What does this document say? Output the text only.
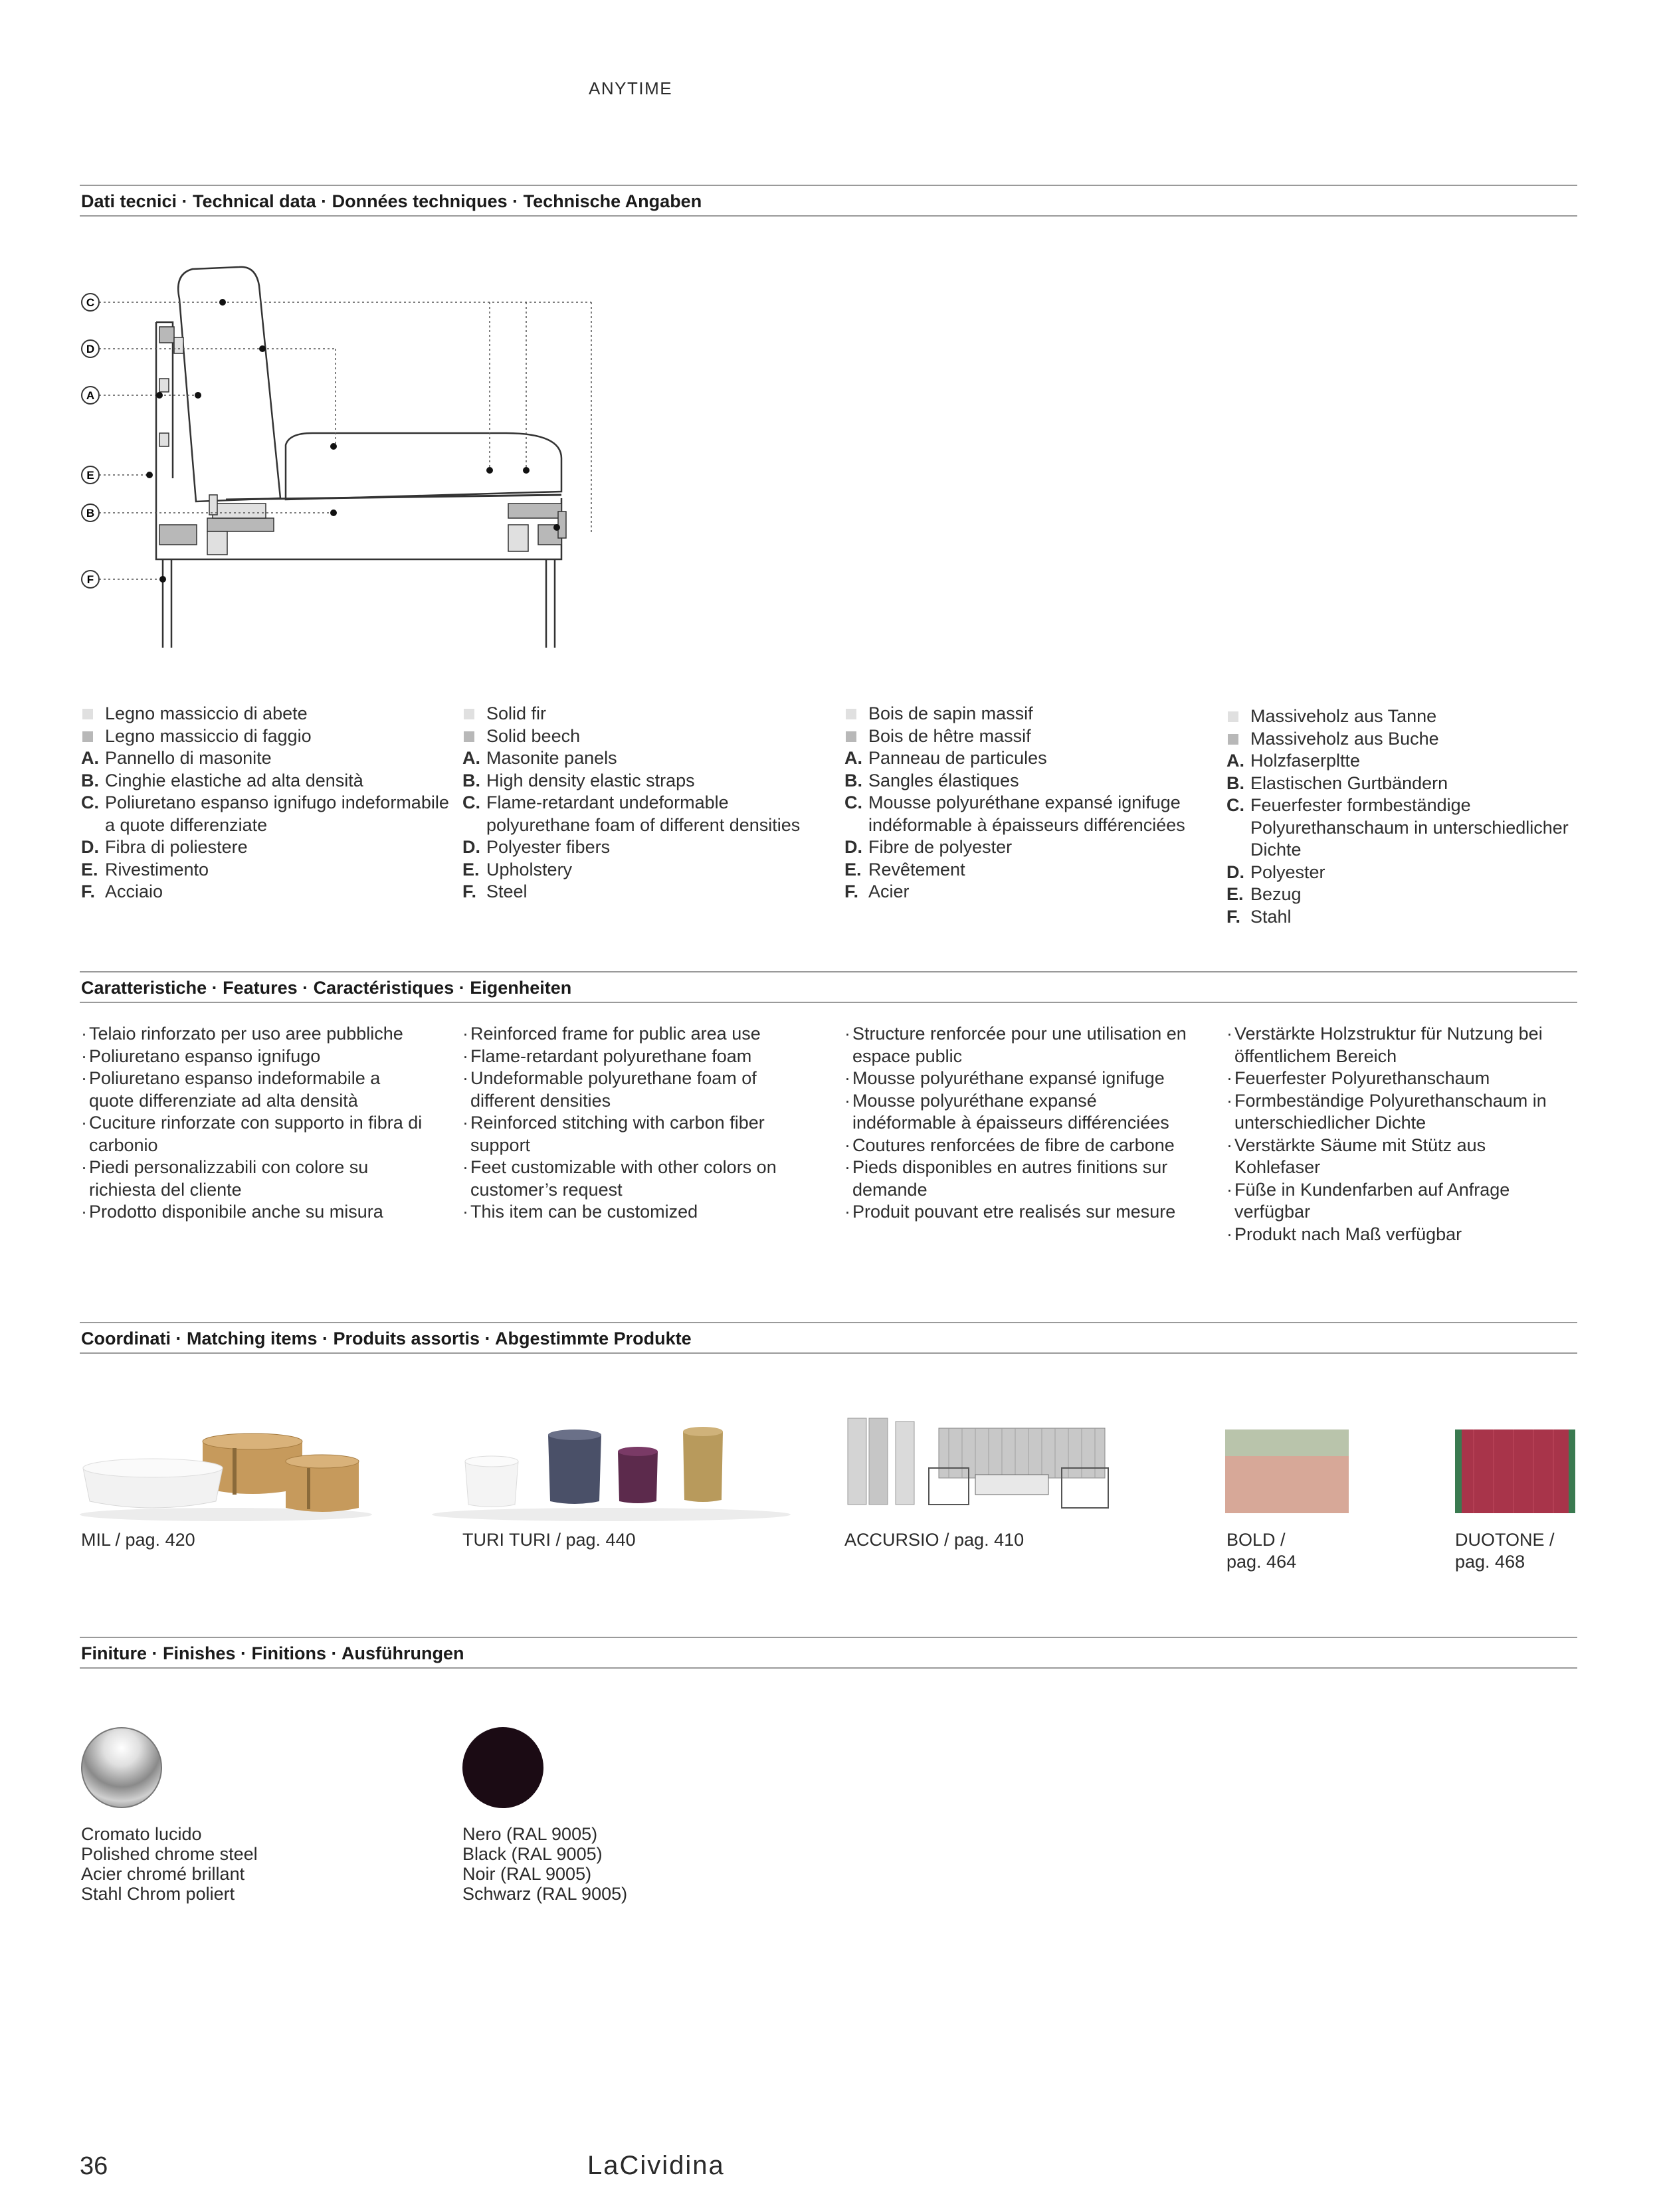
ANYTIME
Dati tecnici · Technical data · Données techniques · Technische Angaben
C
D
A
E
B
F
Legno massiccio di abete
Legno massiccio di faggio
A. Pannello di masonite
B. Cinghie elastiche ad alta densità
C. Poliuretano espanso ignifugo indeformabile a quote differenziate
D. Fibra di poliestere
E. Rivestimento
F. Acciaio
Solid fir
Solid beech
A. Masonite panels
B. High density elastic straps
C. Flame-retardant undeformable polyurethane foam of different densities
D. Polyester fibers
E. Upholstery
F. Steel
Bois de sapin massif
Bois de hêtre massif
A. Panneau de particules
B. Sangles élastiques
C. Mousse polyuréthane expansé ignifuge indéformable à épaisseurs différenciées
D. Fibre de polyester
E. Revêtement
F. Acier
Massiveholz aus Tanne
Massiveholz aus Buche
A. Holzfaserpltte
B. Elastischen Gurtbändern
C. Feuerfester formbeständige Polyurethanschaum in unterschiedlicher Dichte
D. Polyester
E. Bezug
F. Stahl
Caratteristiche · Features · Caractéristiques · Eigenheiten
· Telaio rinforzato per uso aree pubbliche
· Poliuretano espanso ignifugo
· Poliuretano espanso indeformabile a quote differenziate ad alta densità
· Cuciture rinforzate con supporto in fibra di carbonio
· Piedi personalizzabili con colore su richiesta del cliente
· Prodotto disponibile anche su misura
· Reinforced frame for public area use
· Flame-retardant polyurethane foam
· Undeformable polyurethane foam of different densities
· Reinforced stitching with carbon fiber support
· Feet customizable with other colors on customer’s request
· This item can be customized
· Structure renforcée pour une utilisation en espace public
· Mousse polyuréthane expansé ignifuge
· Mousse polyuréthane expansé indéformable à épaisseurs différenciées
· Coutures renforcées de fibre de carbone
· Pieds disponibles en autres finitions sur demande
· Produit pouvant etre realisés sur mesure
· Verstärkte Holzstruktur für Nutzung bei öffentlichem Bereich
· Feuerfester Polyurethanschaum
· Formbeständige Polyurethanschaum in unterschiedlicher Dichte
· Verstärkte Säume mit Stütz aus Kohlefaser
· Füße in Kundenfarben auf Anfrage verfügbar
· Produkt nach Maß verfügbar
Coordinati · Matching items · Produits assortis · Abgestimmte Produkte
MIL / pag. 420	TURI TURI / pag. 440	ACCURSIO / pag. 410	BOLD /
pag. 464
DUOTONE /
pag. 468
Finiture · Finishes · Finitions · Ausführungen
Cromato lucido
Polished chrome steel
Acier chromé brillant
Stahl Chrom poliert
Nero (RAL 9005)
Black (RAL 9005)
Noir (RAL 9005)
Schwarz (RAL 9005)
36	LaCividina
